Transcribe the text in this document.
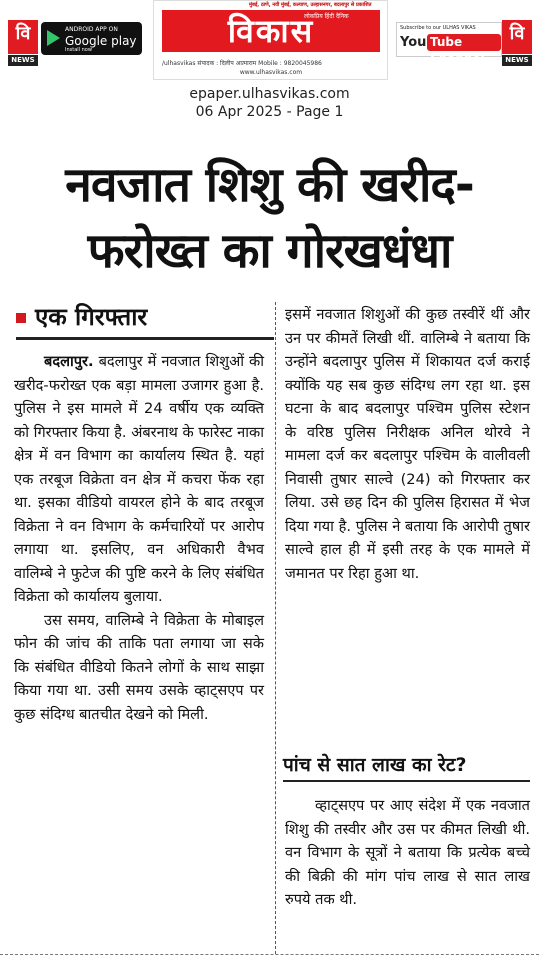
वि
NEWS
ANDROID APP ON
Google play
Install now
मुंबई, ठाणे, नवी मुंबई, कल्याण, उल्हासनगर, बदलापुर से प्रकाशित
विकास
लोकप्रिय हिंदी दैनिक
/ulhasvikas संपादक : दिलीप आत्माराम Mobile : 9820045986
www.ulhasvikas.com
Subscribe to our ULHAS VIKAS
You Tube Channel
वि
NEWS
epaper.ulhasvikas.com
06 Apr 2025 - Page 1
नवजात शिशु की खरीद-
फरोख्त का गोरखधंधा
एक गिरफ्तार

बदलापुर. बदलापुर में नवजात शिशुओं की खरीद-फरोख्त एक बड़ा मामला उजागर हुआ है. पुलिस ने इस मामले में 24 वर्षीय एक व्यक्ति को गिरफ्तार किया है. अंबरनाथ के फारेस्ट नाका क्षेत्र में वन विभाग का कार्यालय स्थित है. यहां एक तरबूज विक्रेता वन क्षेत्र में कचरा फेंक रहा था. इसका वीडियो वायरल होने के बाद तरबूज विक्रेता ने वन विभाग के कर्मचारियों पर आरोप लगाया था. इसलिए, वन अधिकारी वैभव वालिम्बे ने फुटेज की पुष्टि करने के लिए संबंधित विक्रेता को कार्यालय बुलाया.

उस समय, वालिम्बे ने विक्रेता के मोबाइल फोन की जांच की ताकि पता लगाया जा सके कि संबंधित वीडियो कितने लोगों के साथ साझा किया गया था. उसी समय उसके व्हाट्सएप पर कुछ संदिग्ध बातचीत देखने को मिली.

इसमें नवजात शिशुओं की कुछ तस्वीरें थीं और उन पर कीमतें लिखी थीं. वालिम्बे ने बताया कि उन्होंने बदलापुर पुलिस में शिकायत दर्ज कराई क्योंकि यह सब कुछ संदिग्ध लग रहा था. इस घटना के बाद बदलापुर पश्चिम पुलिस स्टेशन के वरिष्ठ पुलिस निरीक्षक अनिल थोरवे ने मामला दर्ज कर बदलापुर पश्चिम के वालीवली निवासी तुषार साल्वे (24) को गिरफ्तार कर लिया. उसे छह दिन की पुलिस हिरासत में भेज दिया गया है. पुलिस ने बताया कि आरोपी तुषार साल्वे हाल ही में इसी तरह के एक मामले में जमानत पर रिहा हुआ था.

पांच से सात लाख का रेट?

व्हाट्सएप पर आए संदेश में एक नवजात शिशु की तस्वीर और उस पर कीमत लिखी थी. वन विभाग के सूत्रों ने बताया कि प्रत्येक बच्चे की बिक्री की मांग पांच लाख से सात लाख रुपये तक थी.
